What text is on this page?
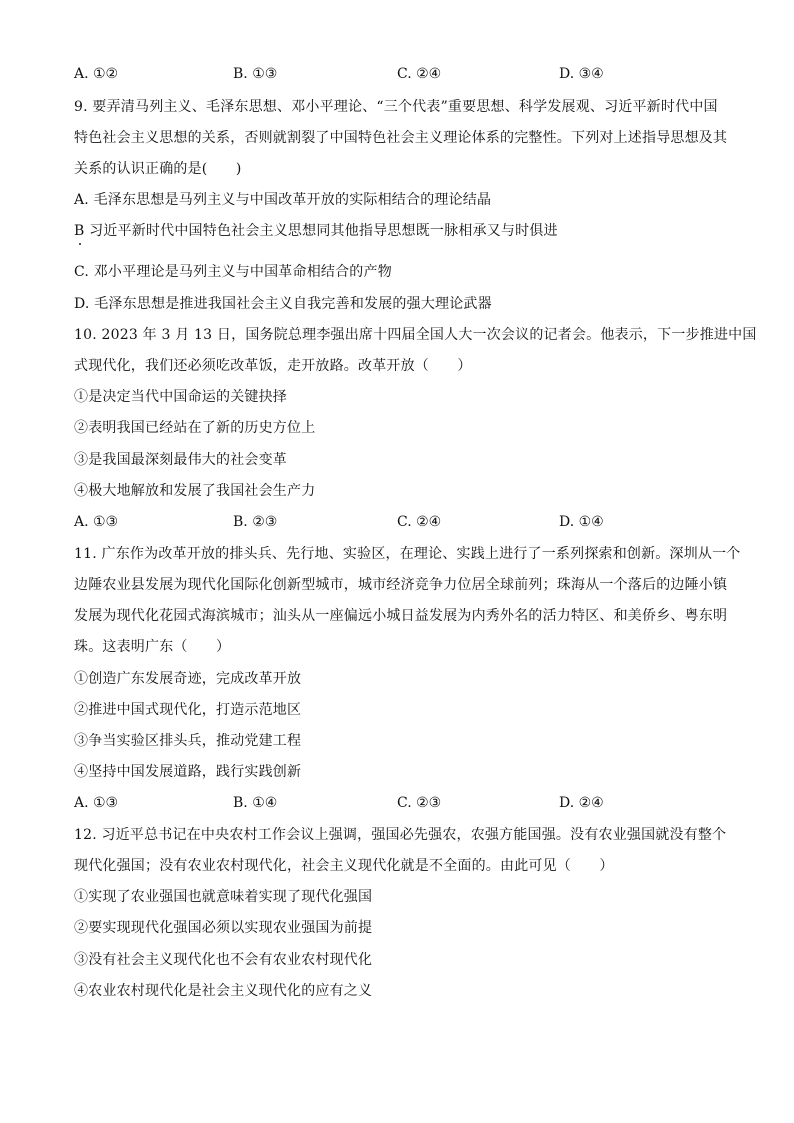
A. ①②	B. ①③	C. ②④	D. ③④
9. 要弄清马列主义、毛泽东思想、邓小平理论、“三个代表”重要思想、科学发展观、习近平新时代中国
特色社会主义思想的关系，否则就割裂了中国特色社会主义理论体系的完整性。下列对上述指导思想及其
关系的认识正确的是(　　)
A. 毛泽东思想是马列主义与中国改革开放的实际相结合的理论结晶
B 习近平新时代中国特色社会主义思想同其他指导思想既一脉相承又与时俱进
C. 邓小平理论是马列主义与中国革命相结合的产物
D. 毛泽东思想是推进我国社会主义自我完善和发展的强大理论武器
10. 2023 年 3 月 13 日，国务院总理李强出席十四届全国人大一次会议的记者会。他表示，下一步推进中国
式现代化，我们还必须吃改革饭，走开放路。改革开放（　　）
①是决定当代中国命运的关键抉择
②表明我国已经站在了新的历史方位上
③是我国最深刻最伟大的社会变革
④极大地解放和发展了我国社会生产力
A. ①③	B. ②③	C. ②④	D. ①④
11. 广东作为改革开放的排头兵、先行地、实验区，在理论、实践上进行了一系列探索和创新。深圳从一个
边陲农业县发展为现代化国际化创新型城市，城市经济竞争力位居全球前列；珠海从一个落后的边陲小镇
发展为现代化花园式海滨城市；汕头从一座偏远小城日益发展为内秀外名的活力特区、和美侨乡、粤东明
珠。这表明广东（　　）
①创造广东发展奇迹，完成改革开放
②推进中国式现代化，打造示范地区
③争当实验区排头兵，推动党建工程
④坚持中国发展道路，践行实践创新
A. ①③	B. ①④	C. ②③	D. ②④
12. 习近平总书记在中央农村工作会议上强调，强国必先强农，农强方能国强。没有农业强国就没有整个
现代化强国；没有农业农村现代化，社会主义现代化就是不全面的。由此可见（　　）
①实现了农业强国也就意味着实现了现代化强国
②要实现现代化强国必须以实现农业强国为前提
③没有社会主义现代化也不会有农业农村现代化
④农业农村现代化是社会主义现代化的应有之义
